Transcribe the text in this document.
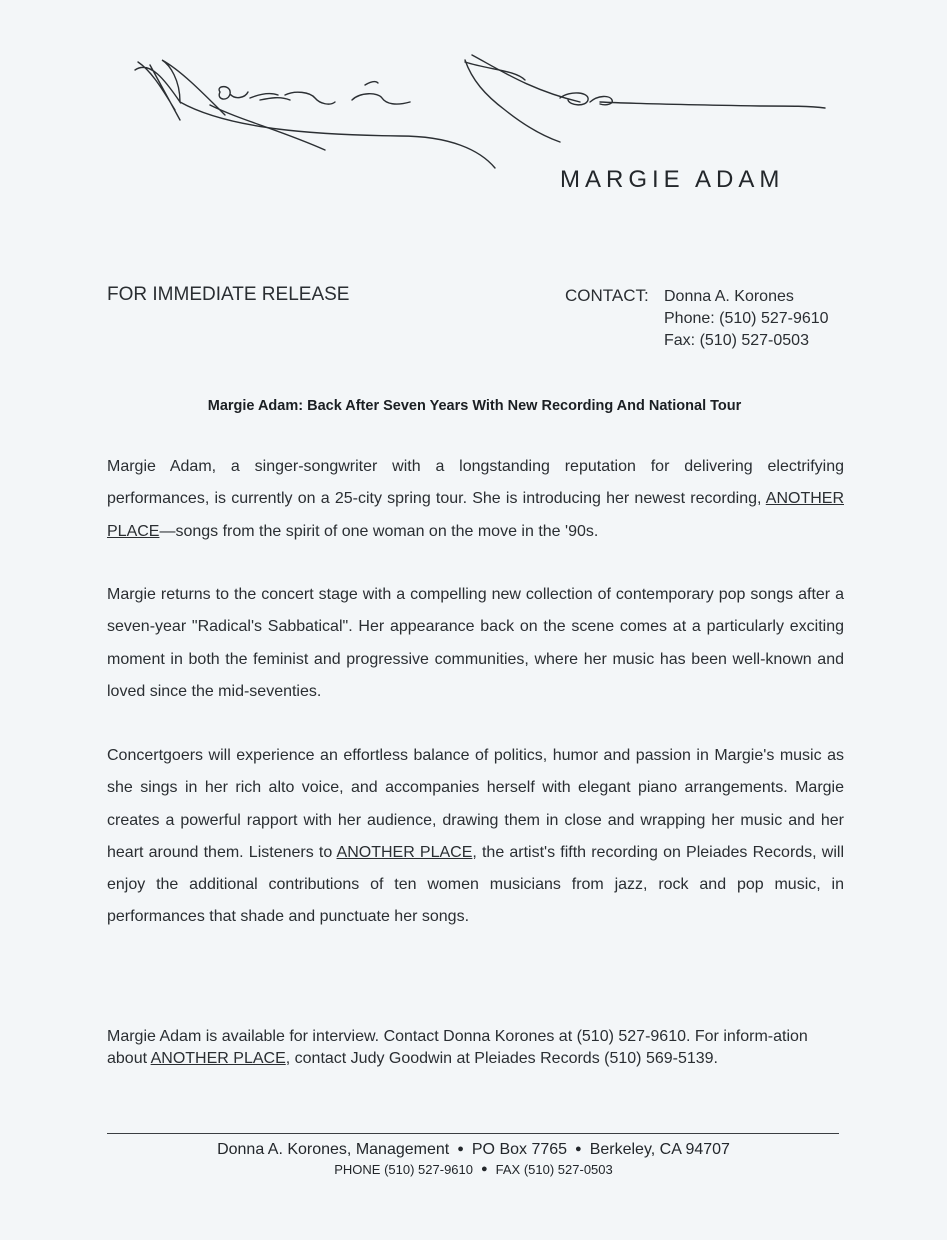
MARGIE ADAM
FOR IMMEDIATE RELEASE	CONTACT: Donna A. Korones
Phone: (510) 527-9610
Fax: (510) 527-0503
Margie Adam: Back After Seven Years With New Recording And National Tour

Margie Adam, a singer-songwriter with a longstanding reputation for delivering electrifying performances, is currently on a 25-city spring tour. She is introducing her newest recording, ANOTHER PLACE—songs from the spirit of one woman on the move in the '90s.

Margie returns to the concert stage with a compelling new collection of contemporary pop songs after a seven-year "Radical's Sabbatical". Her appearance back on the scene comes at a particularly exciting moment in both the feminist and progressive communities, where her music has been well-known and loved since the mid-seventies.

Concertgoers will experience an effortless balance of politics, humor and passion in Margie's music as she sings in her rich alto voice, and accompanies herself with elegant piano arrangements. Margie creates a powerful rapport with her audience, drawing them in close and wrapping her music and her heart around them. Listeners to ANOTHER PLACE, the artist's fifth recording on Pleiades Records, will enjoy the additional contributions of ten women musicians from jazz, rock and pop music, in performances that shade and punctuate her songs.

Margie Adam is available for interview. Contact Donna Korones at (510) 527-9610. For inform-ation about ANOTHER PLACE, contact Judy Goodwin at Pleiades Records (510) 569-5139.

Donna A. Korones, Management ● PO Box 7765 ● Berkeley, CA 94707
PHONE (510) 527-9610 ● FAX (510) 527-0503
